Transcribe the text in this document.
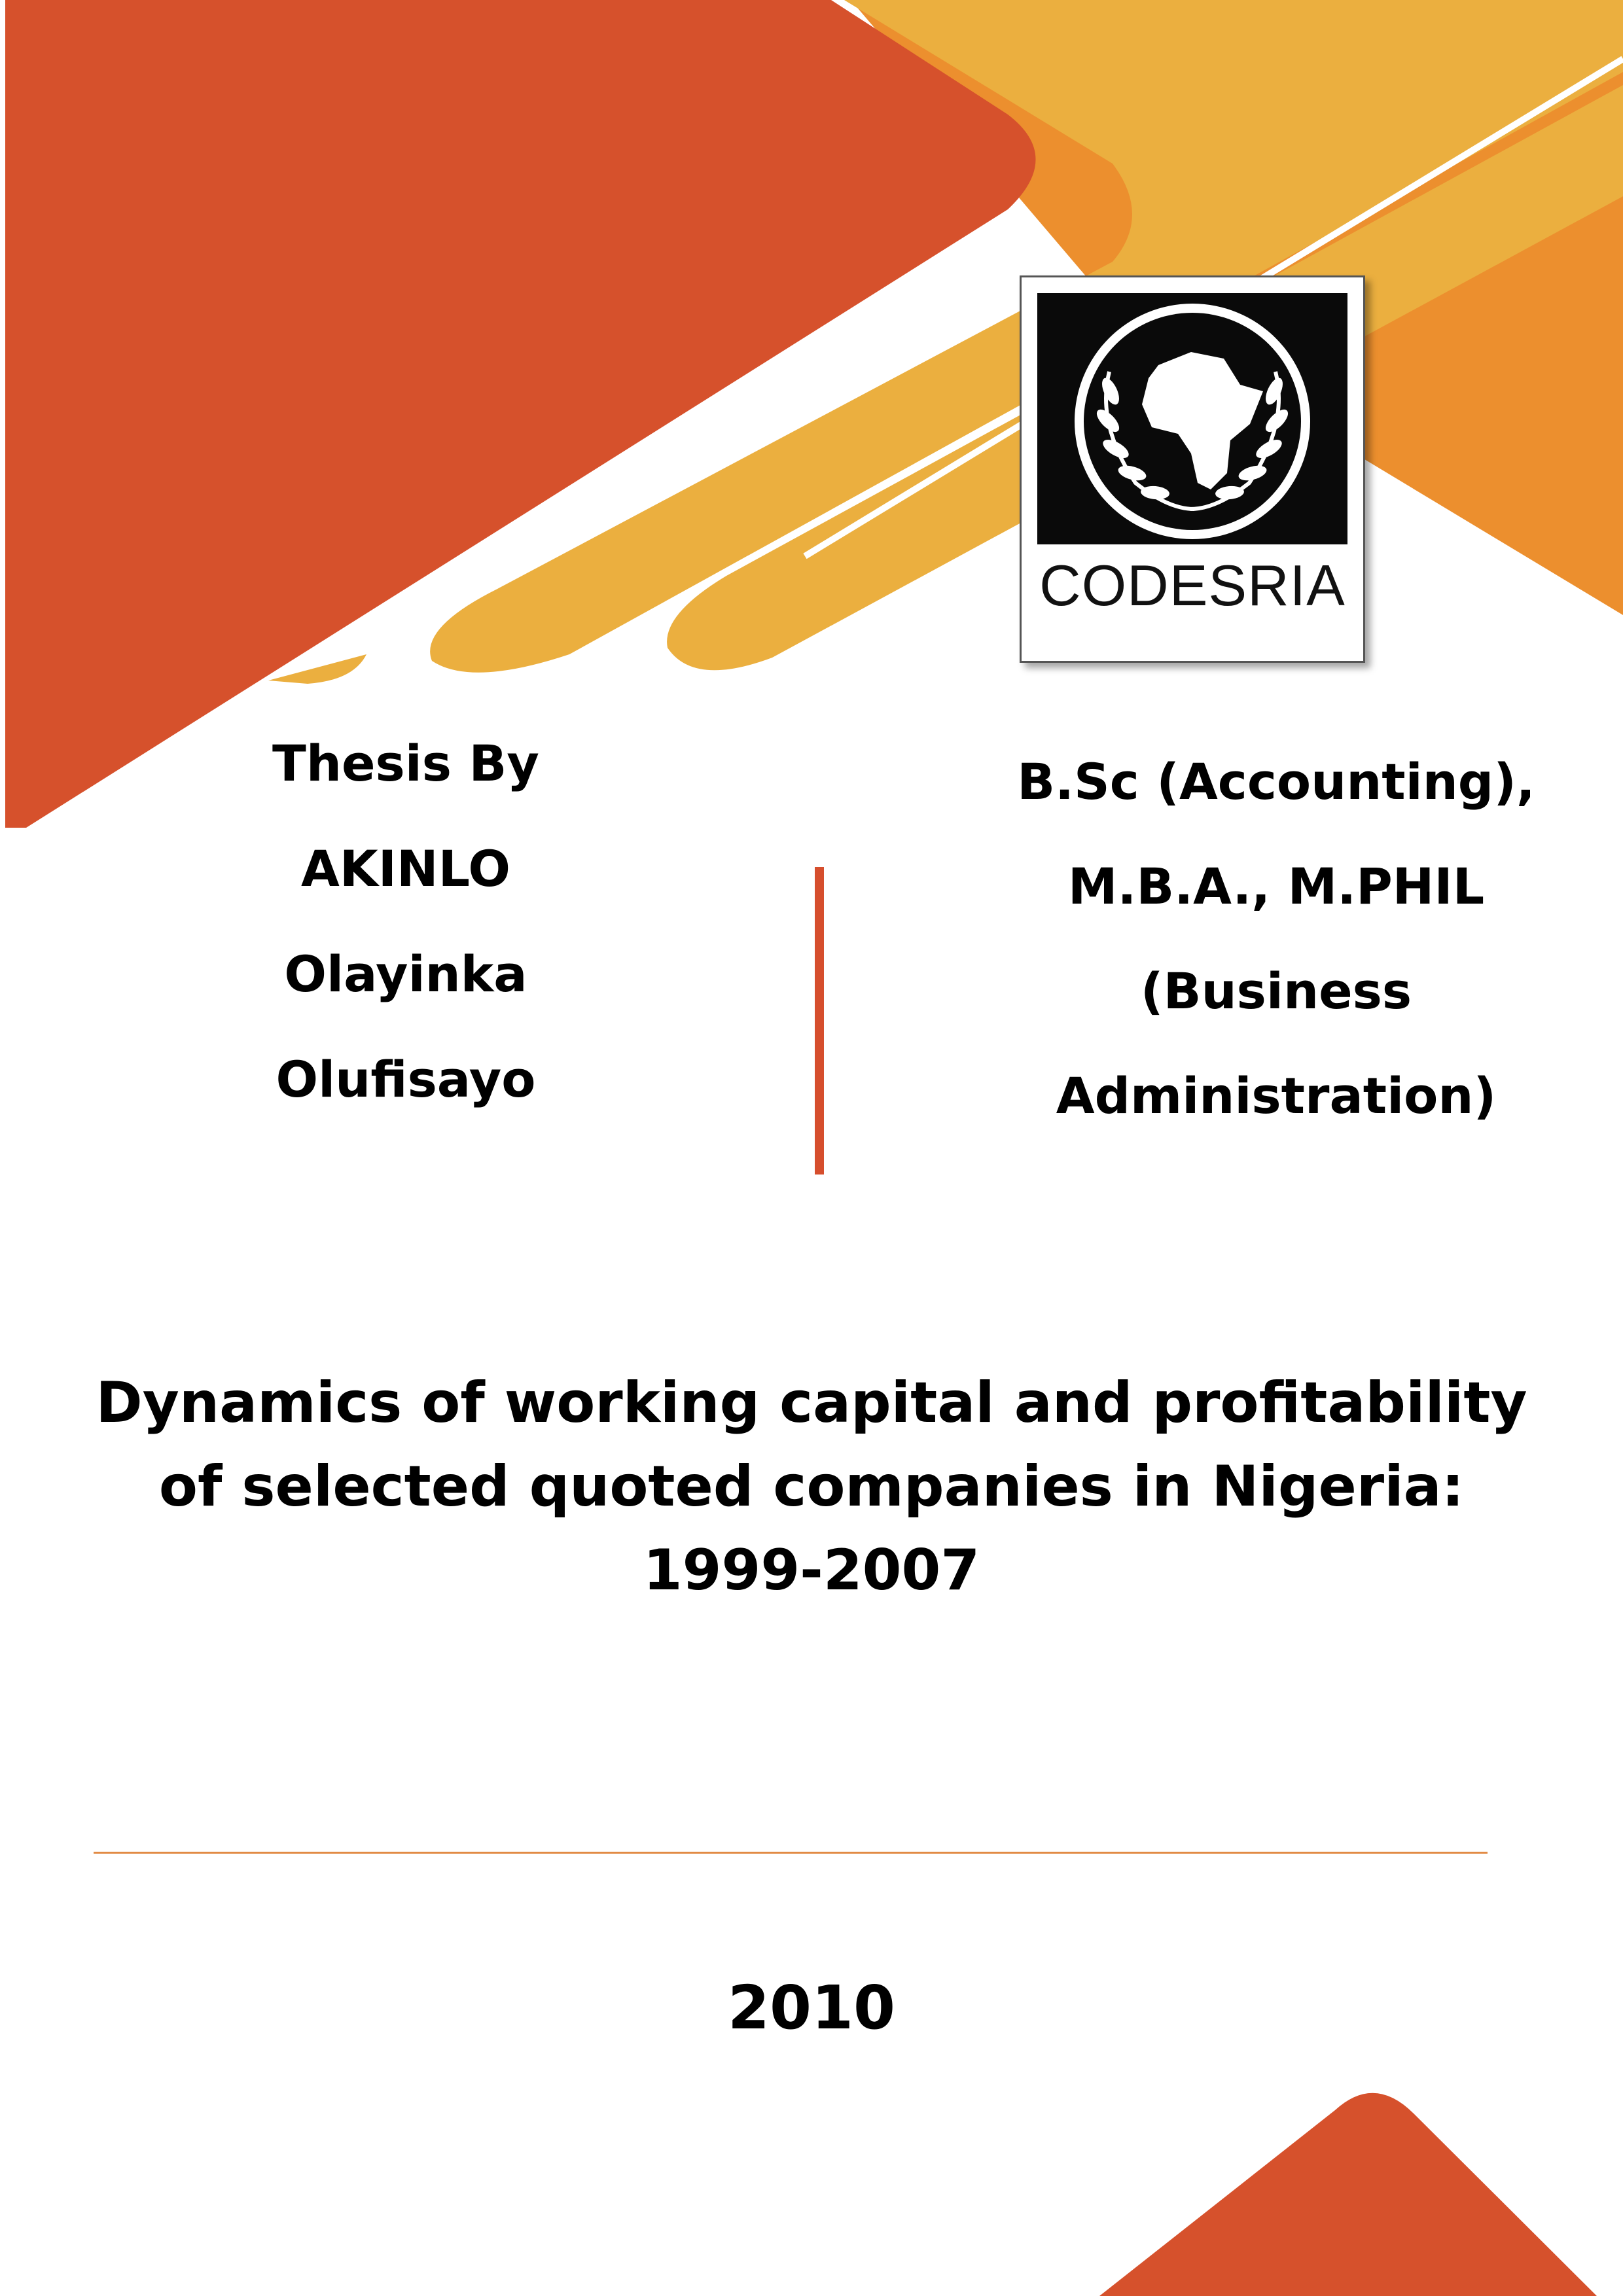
CODESRIA
Thesis By
AKINLO
Olayinka
Olufisayo
B.Sc (Accounting),
M.B.A., M.PHIL
(Business
Administration)
Dynamics of working capital and profitability
of selected quoted companies in Nigeria:
1999-2007
2010
